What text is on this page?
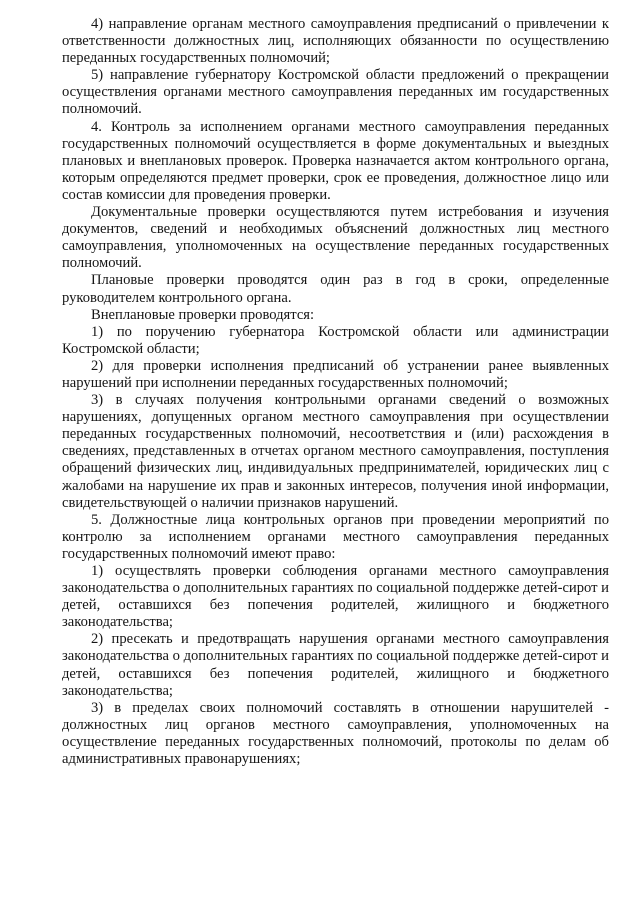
4) направление органам местного самоуправления предписаний о привлечении к ответственности должностных лиц, исполняющих обязанности по осуществлению переданных государственных полномочий;

5) направление губернатору Костромской области предложений о прекращении осуществления органами местного самоуправления переданных им государственных полномочий.

4. Контроль за исполнением органами местного самоуправления переданных государственных полномочий осуществляется в форме документальных и выездных плановых и внеплановых проверок. Проверка назначается актом контрольного органа, которым определяются предмет проверки, срок ее проведения, должностное лицо или состав комиссии для проведения проверки.

Документальные проверки осуществляются путем истребования и изучения документов, сведений и необходимых объяснений должностных лиц местного самоуправления, уполномоченных на осуществление переданных государственных полномочий.

Плановые проверки проводятся один раз в год в сроки, определенные руководителем контрольного органа.

Внеплановые проверки проводятся:

1) по поручению губернатора Костромской области или администрации Костромской области;

2) для проверки исполнения предписаний об устранении ранее выявленных нарушений при исполнении переданных государственных полномочий;

3) в случаях получения контрольными органами сведений о возможных нарушениях, допущенных органом местного самоуправления при осуществлении переданных государственных полномочий, несоответствия и (или) расхождения в сведениях, представленных в отчетах органом местного самоуправления, поступления обращений физических лиц, индивидуальных предпринимателей, юридических лиц с жалобами на нарушение их прав и законных интересов, получения иной информации, свидетельствующей о наличии признаков нарушений.

5. Должностные лица контрольных органов при проведении мероприятий по контролю за исполнением органами местного самоуправления переданных государственных полномочий имеют право:

1) осуществлять проверки соблюдения органами местного самоуправления законодательства о дополнительных гарантиях по социальной поддержке детей-сирот и детей, оставшихся без попечения родителей, жилищного и бюджетного законодательства;

2) пресекать и предотвращать нарушения органами местного самоуправления законодательства о дополнительных гарантиях по социальной поддержке детей-сирот и детей, оставшихся без попечения родителей, жилищного и бюджетного законодательства;

3) в пределах своих полномочий составлять в отношении нарушителей - должностных лиц органов местного самоуправления, уполномоченных на осуществление переданных государственных полномочий, протоколы по делам об административных правонарушениях;
